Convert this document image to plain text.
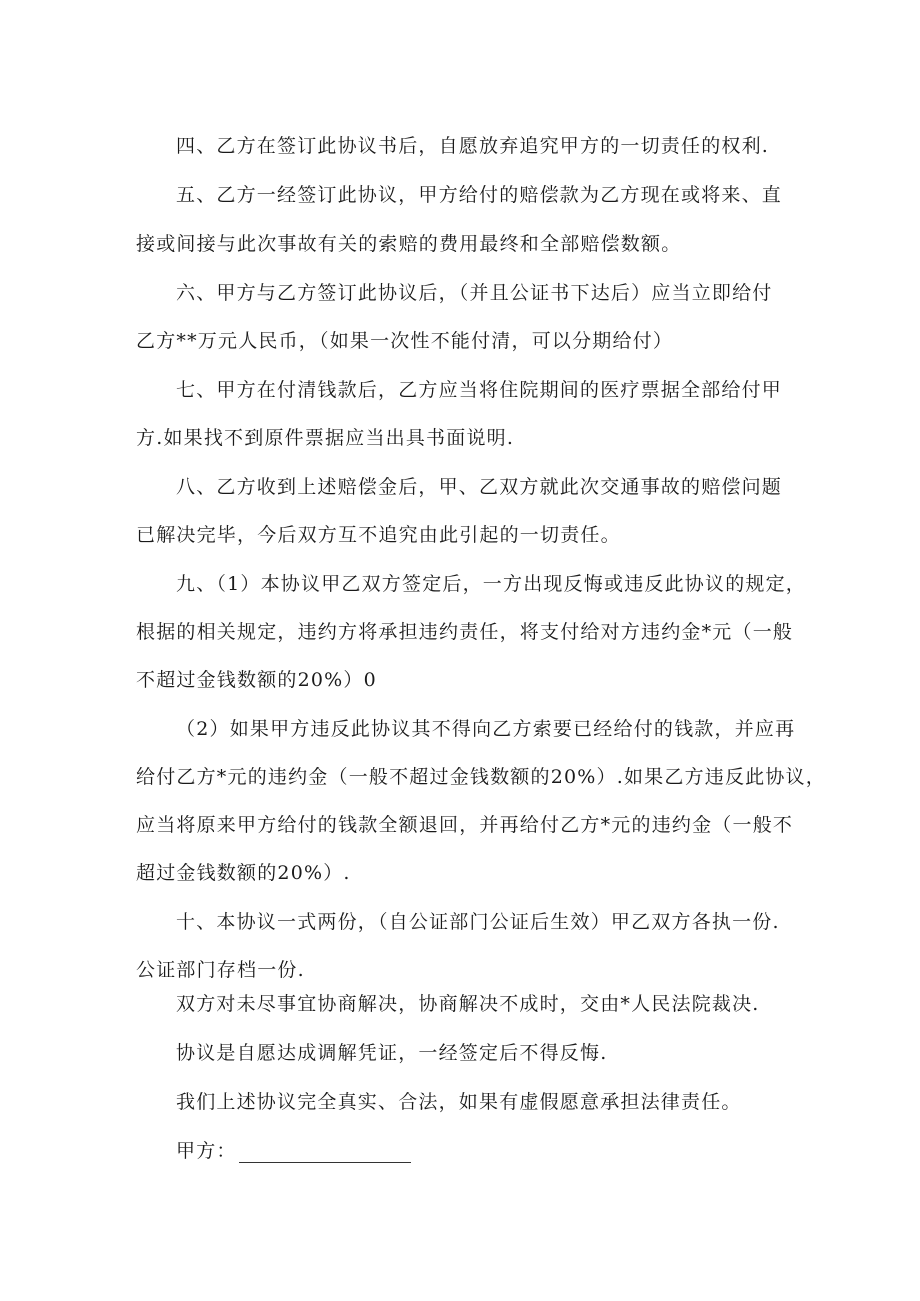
四、乙方在签订此协议书后，自愿放弃追究甲方的一切责任的权利.
五、乙方一经签订此协议，甲方给付的赔偿款为乙方现在或将来、直
接或间接与此次事故有关的索赔的费用最终和全部赔偿数额。
六、甲方与乙方签订此协议后，（并且公证书下达后）应当立即给付
乙方**万元人民币，（如果一次性不能付清，可以分期给付）
七、甲方在付清钱款后，乙方应当将住院期间的医疗票据全部给付甲
方.如果找不到原件票据应当出具书面说明.
八、乙方收到上述赔偿金后，甲、乙双方就此次交通事故的赔偿问题
已解决完毕，今后双方互不追究由此引起的一切责任。
九、（1）本协议甲乙双方签定后，一方出现反悔或违反此协议的规定，
根据的相关规定，违约方将承担违约责任，将支付给对方违约金*元（一般
不超过金钱数额的20%）0
（2）如果甲方违反此协议其不得向乙方索要已经给付的钱款，并应再
给付乙方*元的违约金（一般不超过金钱数额的20%）.如果乙方违反此协议，
应当将原来甲方给付的钱款全额退回，并再给付乙方*元的违约金（一般不
超过金钱数额的20%）.
十、本协议一式两份，（自公证部门公证后生效）甲乙双方各执一份.
公证部门存档一份.
双方对未尽事宜协商解决，协商解决不成时，交由*人民法院裁决.
协议是自愿达成调解凭证，一经签定后不得反悔.
我们上述协议完全真实、合法，如果有虚假愿意承担法律责任。
甲方：
